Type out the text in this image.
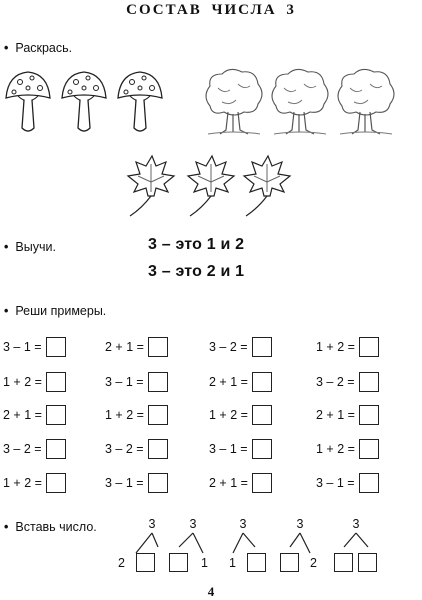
СОСТАВ ЧИСЛА 3
• Раскрась.
• Выучи.	3 – это 1 и 2
3 – это 2 и 1
• Реши примеры.
3 – 1 =	2 + 1 =	3 – 2 =	1 + 2 =
1 + 2 =	3 – 1 =	2 + 1 =	3 – 2 =
2 + 1 =	1 + 2 =	1 + 2 =	2 + 1 =
3 – 2 =	3 – 2 =	3 – 1 =	1 + 2 =
1 + 2 =	3 – 1 =	2 + 1 =	3 – 1 =
• Вставь число.	3
2
3
1
3
1
3
2
3
4
